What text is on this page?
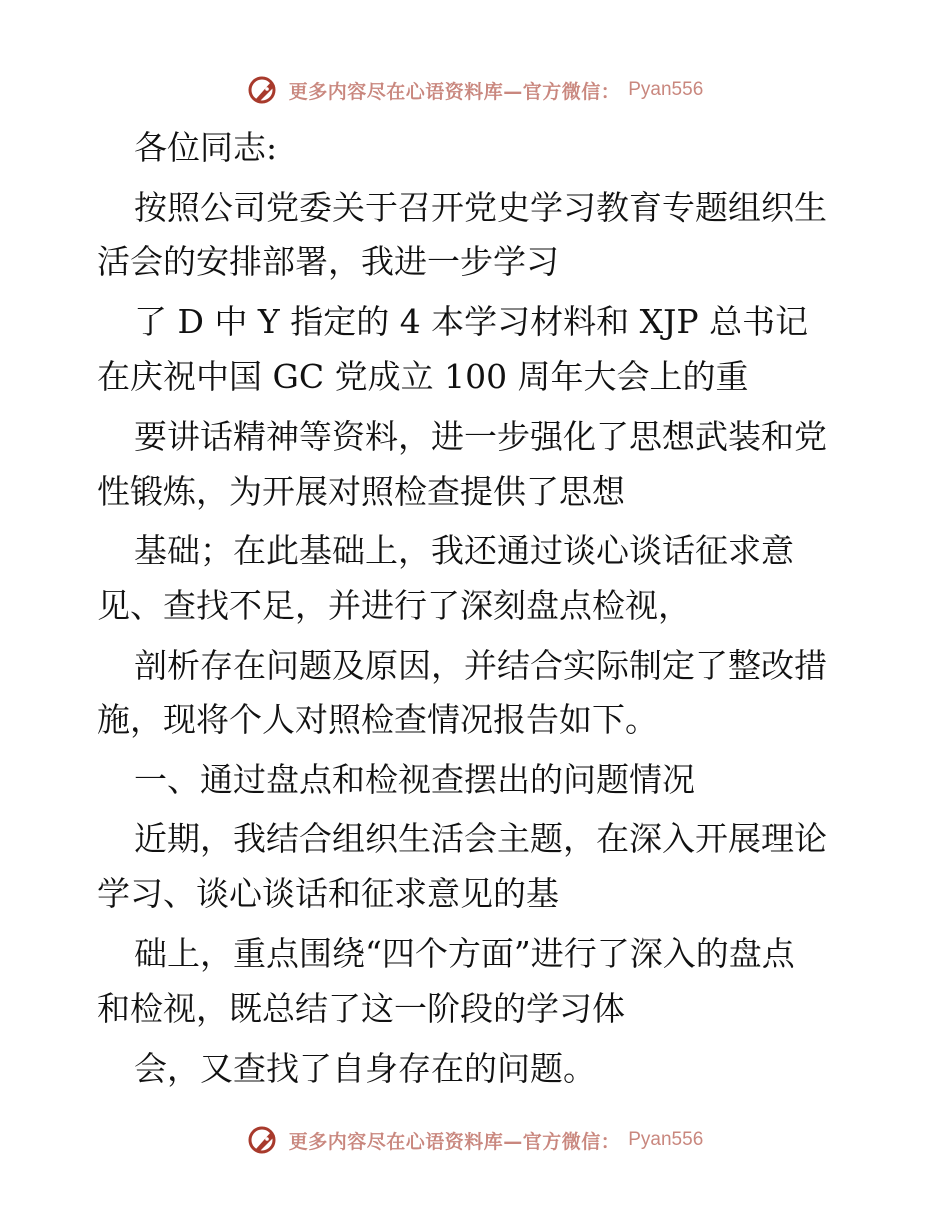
更多内容尽在心语资料库—官方微信： Pyan556
各位同志:
按照公司党委关于召开党史学习教育专题组织生
活会的安排部署，我进一步学习
了 D 中 Y 指定的 4 本学习材料和 XJP 总书记
在庆祝中国 GC 党成立 100 周年大会上的重
要讲话精神等资料，进一步强化了思想武装和党
性锻炼，为开展对照检查提供了思想
基础；在此基础上，我还通过谈心谈话征求意
见、查找不足，并进行了深刻盘点检视，
剖析存在问题及原因，并结合实际制定了整改措
施，现将个人对照检查情况报告如下。
一、通过盘点和检视查摆出的问题情况
近期，我结合组织生活会主题，在深入开展理论
学习、谈心谈话和征求意见的基
础上，重点围绕“四个方面”进行了深入的盘点
和检视，既总结了这一阶段的学习体
会，又查找了自身存在的问题。
更多内容尽在心语资料库—官方微信： Pyan556
